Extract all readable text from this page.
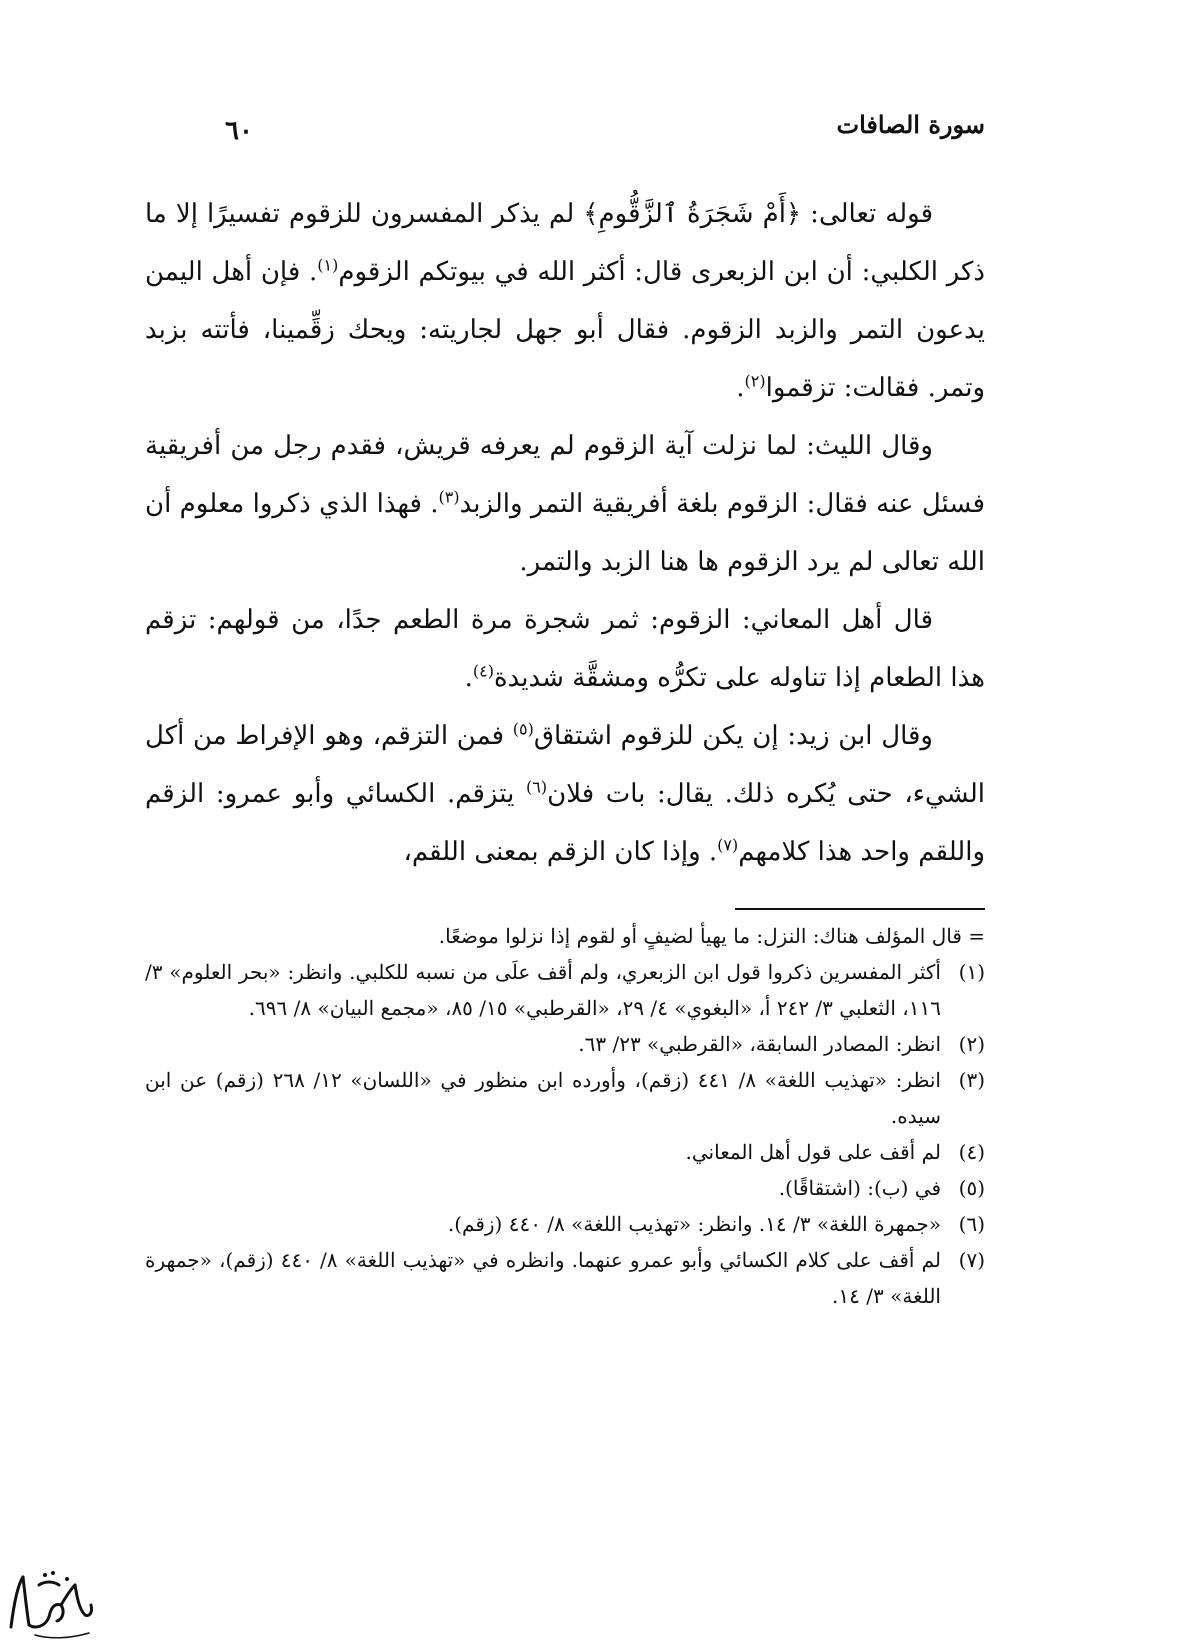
سورة الصافات
٦٠

قوله تعالى: ﴿أَمْ شَجَرَةُ ٱلزَّقُّومِ﴾ لم يذكر المفسرون للزقوم تفسيرًا إلا ما ذكر الكلبي: أن ابن الزبعرى قال: أكثر الله في بيوتكم الزقوم$^{(١)}$. فإن أهل اليمن يدعون التمر والزبد الزقوم. فقال أبو جهل لجاريته: ويحك زقِّمينا، فأتته بزبد وتمر. فقالت: تزقموا$^{(٢)}$.

وقال الليث: لما نزلت آية الزقوم لم يعرفه قريش، فقدم رجل من أفريقية فسئل عنه فقال: الزقوم بلغة أفريقية التمر والزبد$^{(٣)}$. فهذا الذي ذكروا معلوم أن الله تعالى لم يرد الزقوم ها هنا الزبد والتمر.

قال أهل المعاني: الزقوم: ثمر شجرة مرة الطعم جدًا، من قولهم: تزقم هذا الطعام إذا تناوله على تكرُّه ومشقَّة شديدة$^{(٤)}$.

وقال ابن زيد: إن يكن للزقوم اشتقاق$^{(٥)}$ فمن التزقم، وهو الإفراط من أكل الشيء، حتى يُكره ذلك. يقال: بات فلان$^{(٦)}$ يتزقم. الكسائي وأبو عمرو: الزقم واللقم واحد هذا كلامهم$^{(٧)}$. وإذا كان الزقم بمعنى اللقم،

= قال المؤلف هناك: النزل: ما يهيأ لضيفٍ أو لقوم إذا نزلوا موضعًا.

(١)
أكثر المفسرين ذكروا قول ابن الزبعري، ولم أقف علَى من نسبه للكلبي. وانظر: «بحر العلوم» ٣/ ١١٦، الثعلبي ٣/ ٢٤٢ أ، «البغوي» ٤/ ٢٩، «القرطبي» ١٥/ ٨٥، «مجمع البيان» ٨/ ٦٩٦.

(٢)
انظر: المصادر السابقة، «القرطبي» ٢٣/ ٦٣.

(٣)
انظر: «تهذيب اللغة» ٨/ ٤٤١ (زقم)، وأورده ابن منظور في «اللسان» ١٢/ ٢٦٨ (زقم) عن ابن سيده.

(٤)
لم أقف على قول أهل المعاني.

(٥)
في (ب): (اشتقاقًا).

(٦)
«جمهرة اللغة» ٣/ ١٤. وانظر: «تهذيب اللغة» ٨/ ٤٤٠ (زقم).

(٧)
لم أقف على كلام الكسائي وأبو عمرو عنهما. وانظره في «تهذيب اللغة» ٨/ ٤٤٠ (زقم)، «جمهرة اللغة» ٣/ ١٤.
